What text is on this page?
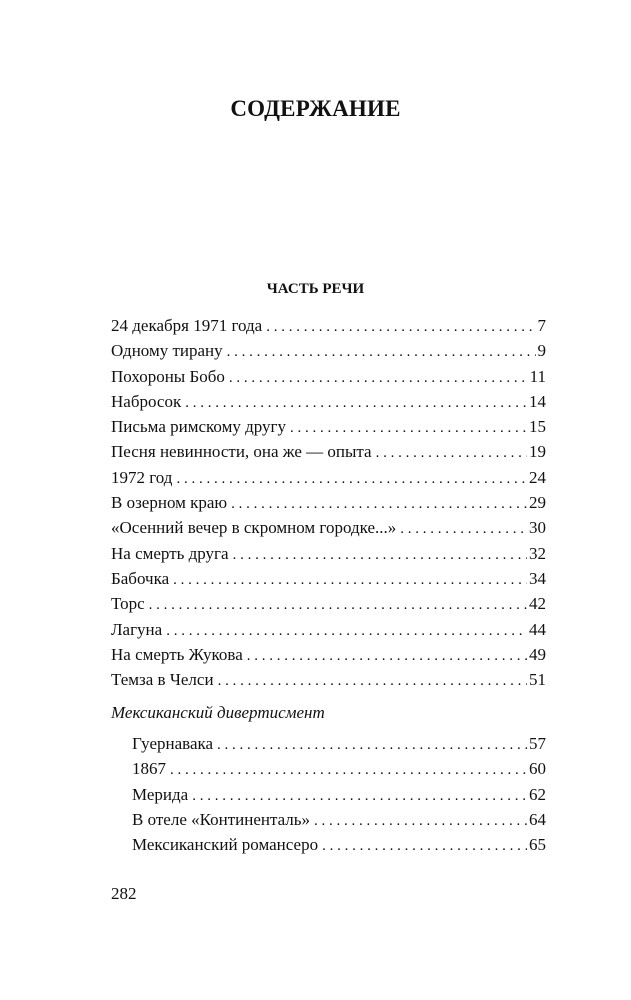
СОДЕРЖАНИЕ
ЧАСТЬ РЕЧИ
24 декабря 1971 года . . .	7
Одному тирану . . .	9
Похороны Бобо . . .	11
Набросок . . .	14
Письма римскому другу . . .	15
Песня невинности, она же — опыта . . .	19
1972 год . . .	24
В озерном краю . . .	29
«Осенний вечер в скромном городке...» . . .	30
На смерть друга . . .	32
Бабочка . . .	34
Торс . . .	42
Лагуна . . .	44
На смерть Жукова . . .	49
Темза в Челси . . .	51
Мексиканский дивертисмент
Гуернавака . . .	57
1867 . . .	60
Мерида . . .	62
В отеле «Континенталь» . . .	64
Мексиканский романсеро . . .	65
282
